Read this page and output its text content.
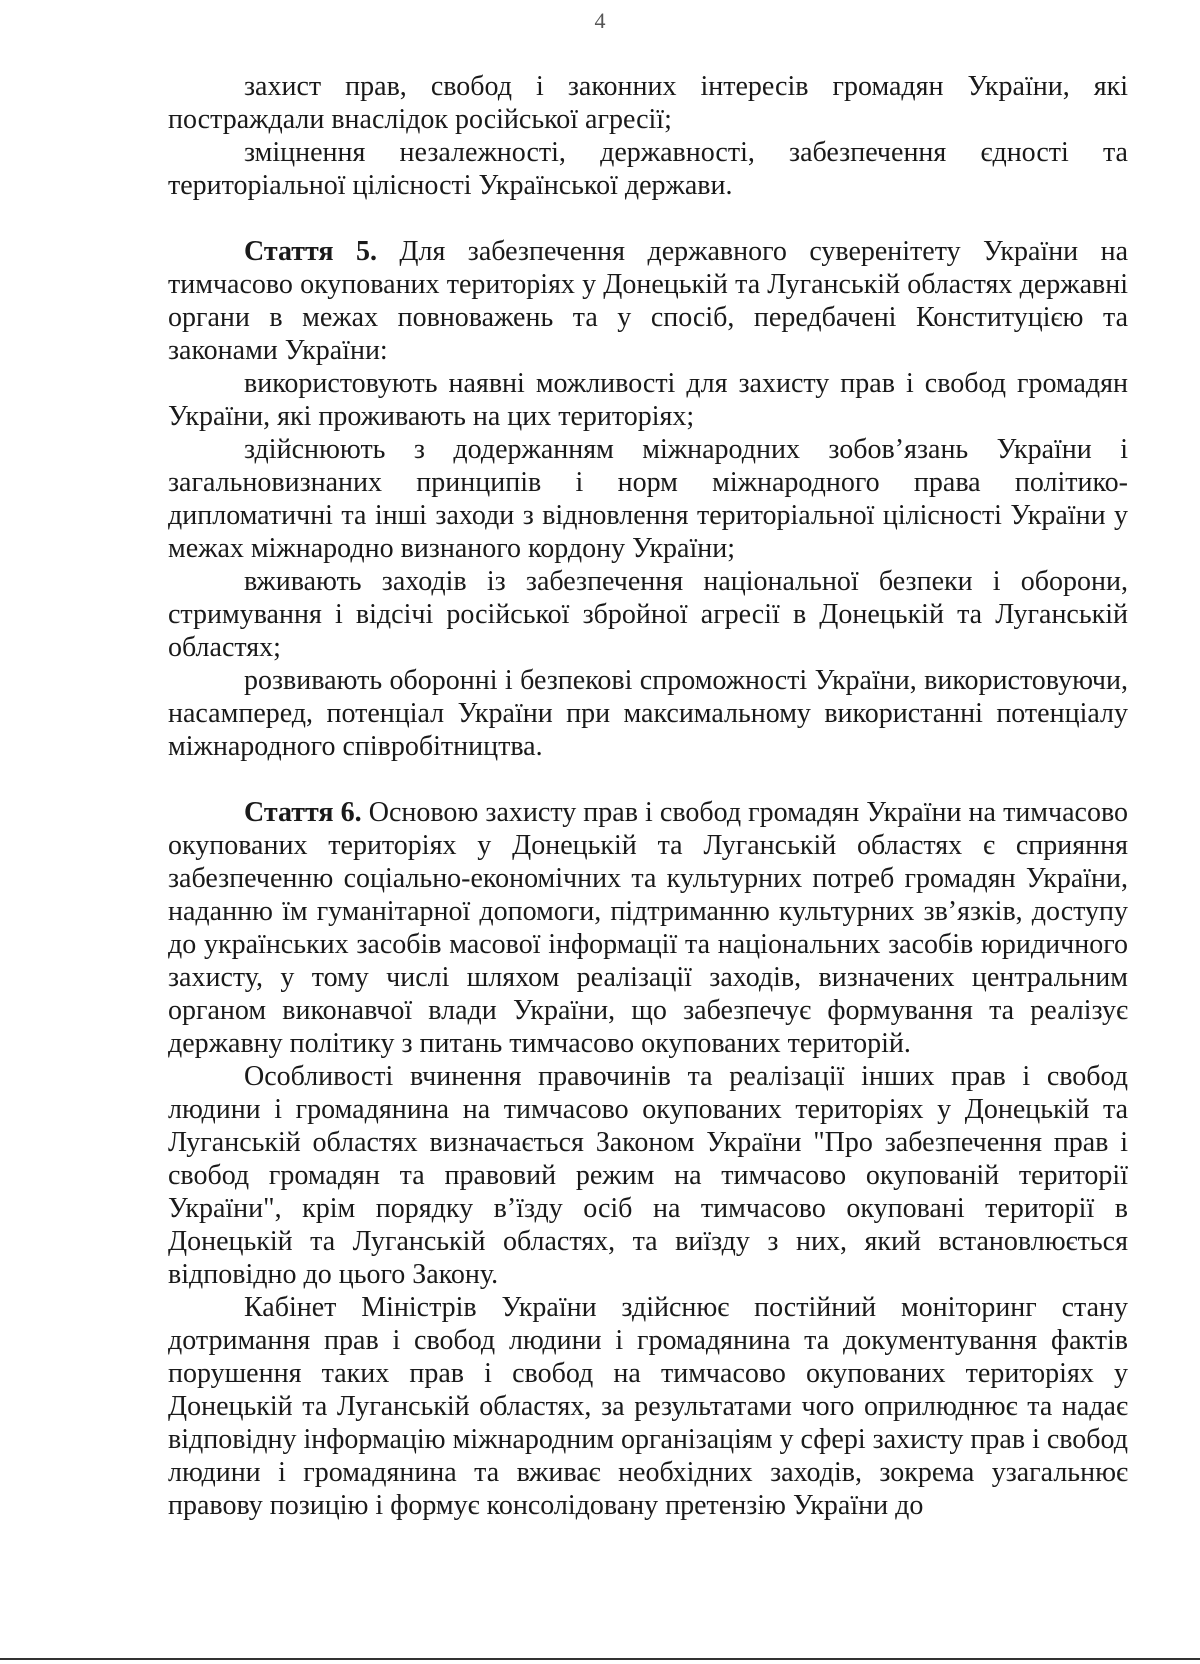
4

захист прав, свобод і законних інтересів громадян України, які постраждали внаслідок російської агресії;

зміцнення незалежності, державності, забезпечення єдності та територіальної цілісності Української держави.

Стаття 5. Для забезпечення державного суверенітету України на тимчасово окупованих територіях у Донецькій та Луганській областях державні органи в межах повноважень та у спосіб, передбачені Конституцією та законами України:

використовують наявні можливості для захисту прав і свобод громадян України, які проживають на цих територіях;

здійснюють з додержанням міжнародних зобов’язань України і загальновизнаних принципів і норм міжнародного права політико-дипломатичні та інші заходи з відновлення територіальної цілісності України у межах міжнародно визнаного кордону України;

вживають заходів із забезпечення національної безпеки і оборони, стримування і відсічі російської збройної агресії в Донецькій та Луганській областях;

розвивають оборонні і безпекові спроможності України, використовуючи, насамперед, потенціал України при максимальному використанні потенціалу міжнародного співробітництва.

Стаття 6. Основою захисту прав і свобод громадян України на тимчасово окупованих територіях у Донецькій та Луганській областях є сприяння забезпеченню соціально-економічних та культурних потреб громадян України, наданню їм гуманітарної допомоги, підтриманню культурних зв’язків, доступу до українських засобів масової інформації та національних засобів юридичного захисту, у тому числі шляхом реалізації заходів, визначених центральним органом виконавчої влади України, що забезпечує формування та реалізує державну політику з питань тимчасово окупованих територій.

Особливості вчинення правочинів та реалізації інших прав і свобод людини і громадянина на тимчасово окупованих територіях у Донецькій та Луганській областях визначається Законом України "Про забезпечення прав і свобод громадян та правовий режим на тимчасово окупованій території України", крім порядку в’їзду осіб на тимчасово окуповані території в Донецькій та Луганській областях, та виїзду з них, який встановлюється відповідно до цього Закону.

Кабінет Міністрів України здійснює постійний моніторинг стану дотримання прав і свобод людини і громадянина та документування фактів порушення таких прав і свобод на тимчасово окупованих територіях у Донецькій та Луганській областях, за результатами чого оприлюднює та надає відповідну інформацію міжнародним організаціям у сфері захисту прав і свобод людини і громадянина та вживає необхідних заходів, зокрема узагальнює правову позицію і формує консолідовану претензію України до
